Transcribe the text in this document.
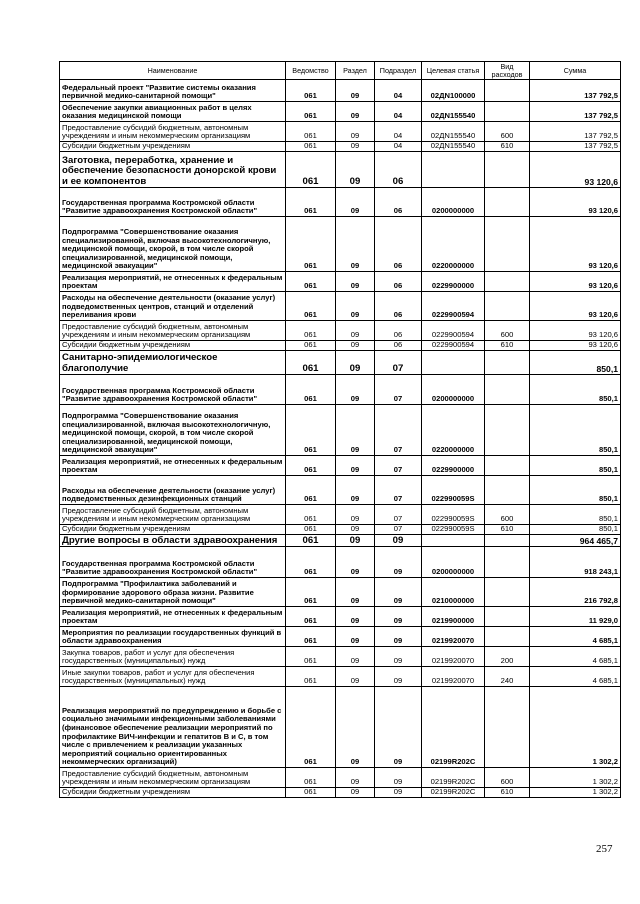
Наименование	Ведомство	Раздел	Подраздел	Целевая статья	Вид расходов	Сумма
Федеральный проект "Развитие системы оказания первичной медико-санитарной помощи"	061	09	04	02ДN100000		137 792,5
Обеспечение закупки авиационных работ в целях оказания медицинской помощи	061	09	04	02ДN155540		137 792,5
Предоставление субсидий бюджетным, автономным учреждениям и иным некоммерческим организациям	061	09	04	02ДN155540	600	137 792,5
Субсидии бюджетным учреждениям	061	09	04	02ДN155540	610	137 792,5
Заготовка, переработка, хранение и обеспечение безопасности донорской крови и ее компонентов	061	09	06			93 120,6
Государственная программа Костромской области "Развитие здравоохранения Костромской области"	061	09	06	0200000000		93 120,6
Подпрограмма "Совершенствование оказания специализированной, включая высокотехнологичную, медицинской помощи, скорой, в том числе скорой специализированной, медицинской помощи, медицинской эвакуации"	061	09	06	0220000000		93 120,6
Реализация мероприятий, не отнесенных к федеральным проектам	061	09	06	0229900000		93 120,6
Расходы на обеспечение деятельности (оказание услуг) подведомственных центров, станций и отделений переливания крови	061	09	06	0229900594		93 120,6
Предоставление субсидий бюджетным, автономным учреждениям и иным некоммерческим организациям	061	09	06	0229900594	600	93 120,6
Субсидии бюджетным учреждениям	061	09	06	0229900594	610	93 120,6
Санитарно-эпидемиологическое благополучие	061	09	07			850,1
Государственная программа Костромской области "Развитие здравоохранения Костромской области"	061	09	07	0200000000		850,1
Подпрограмма "Совершенствование оказания специализированной, включая высокотехнологичную, медицинской помощи, скорой, в том числе скорой специализированной, медицинской помощи, медицинской эвакуации"	061	09	07	0220000000		850,1
Реализация мероприятий, не отнесенных к федеральным проектам	061	09	07	0229900000		850,1
Расходы на обеспечение деятельности (оказание услуг) подведомственных дезинфекционных станций	061	09	07	022990059S		850,1
Предоставление субсидий бюджетным, автономным учреждениям и иным некоммерческим организациям	061	09	07	022990059S	600	850,1
Субсидии бюджетным учреждениям	061	09	07	022990059S	610	850,1
Другие вопросы в области здравоохранения	061	09	09			964 465,7
Государственная программа Костромской области "Развитие здравоохранения Костромской области"	061	09	09	0200000000		918 243,1
Подпрограмма "Профилактика заболеваний и формирование здорового образа жизни. Развитие первичной медико-санитарной помощи"	061	09	09	0210000000		216 792,8
Реализация мероприятий, не отнесенных к федеральным проектам	061	09	09	0219900000		11 929,0
Мероприятия по реализации государственных функций в области здравоохранения	061	09	09	0219920070		4 685,1
Закупка товаров, работ и услуг для обеспечения государственных (муниципальных) нужд	061	09	09	0219920070	200	4 685,1
Иные закупки товаров, работ и услуг для обеспечения государственных (муниципальных) нужд	061	09	09	0219920070	240	4 685,1
Реализация мероприятий по предупреждению и борьбе с социально значимыми инфекционными заболеваниями (финансовое обеспечение реализации мероприятий по профилактике ВИЧ-инфекции и гепатитов В и С, в том числе с привлечением к реализации указанных мероприятий социально ориентированных некоммерческих организаций)	061	09	09	02199R202C		1 302,2
Предоставление субсидий бюджетным, автономным учреждениям и иным некоммерческим организациям	061	09	09	02199R202C	600	1 302,2
Субсидии бюджетным учреждениям	061	09	09	02199R202C	610	1 302,2
257
